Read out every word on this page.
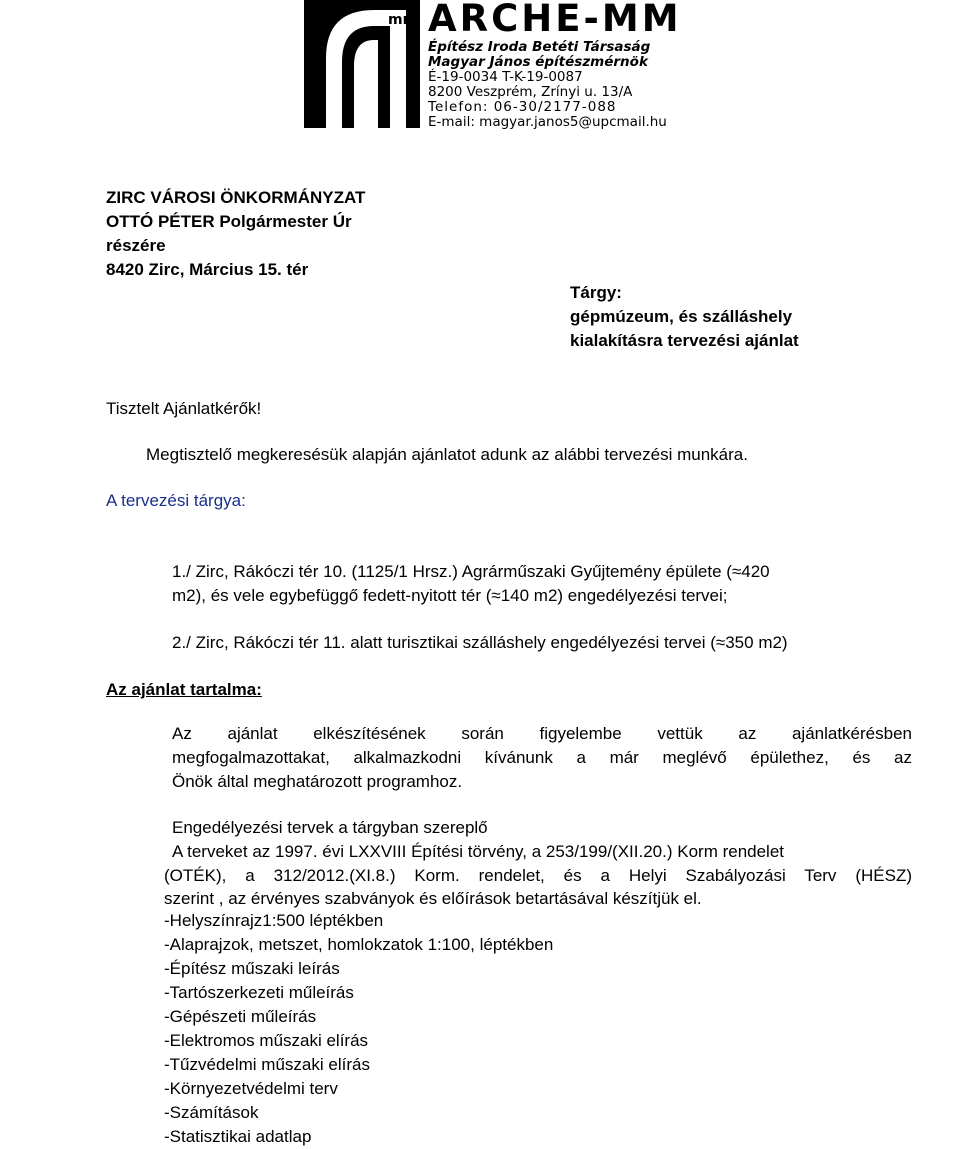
mm ARCHE-MM
Építész Iroda Betéti Társaság
Magyar János építészmérnök
É-19-0034 T-K-19-0087
8200 Veszprém, Zrínyi u. 13/A
Telefon: 06-30/2177-088
E-mail: magyar.janos5@upcmail.hu
ZIRC VÁROSI ÖNKORMÁNYZAT
OTTÓ PÉTER Polgármester Úr
részére
8420 Zirc, Március 15. tér
Tárgy:
gépmúzeum, és szálláshely
kialakításra tervezési ajánlat
Tisztelt Ajánlatkérők!
Megtisztelő megkeresésük alapján ajánlatot adunk az alábbi tervezési munkára.
A tervezési tárgya:
1./ Zirc, Rákóczi tér 10. (1125/1 Hrsz.) Agrárműszaki Gyűjtemény épülete (≈420
m2), és vele egybefüggő fedett-nyitott tér (≈140 m2) engedélyezési tervei;
2./ Zirc, Rákóczi tér 11. alatt turisztikai szálláshely engedélyezési tervei (≈350 m2)
Az ajánlat tartalma:
Az ajánlat elkészítésének során figyelembe vettük az ajánlatkérésben
megfogalmazottakat, alkalmazkodni kívánunk a már meglévő épülethez, és az
Önök által meghatározott programhoz.
Engedélyezési tervek a tárgyban szereplő
A terveket az 1997. évi LXXVIII Építési törvény, a 253/199/(XII.20.) Korm rendelet
(OTÉK), a 312/2012.(XI.8.) Korm. rendelet, és a Helyi Szabályozási Terv (HÉSZ)
szerint , az érvényes szabványok és előírások betartásával készítjük el.
-Helyszínrajz1:500 léptékben
-Alaprajzok, metszet, homlokzatok 1:100, léptékben
-Építész műszaki leírás
-Tartószerkezeti műleírás
-Gépészeti műleírás
-Elektromos műszaki elírás
-Tűzvédelmi műszaki elírás
-Környezetvédelmi terv
-Számítások
-Statisztikai adatlap
